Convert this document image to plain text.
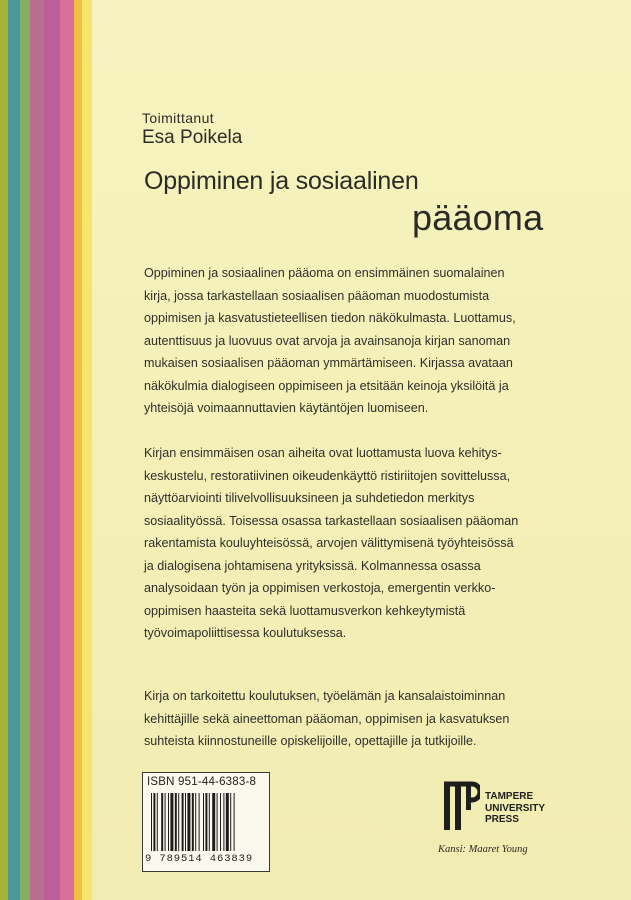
Toimittanut
Esa Poikela
Oppiminen ja sosiaalinen
pääoma
Oppiminen ja sosiaalinen pääoma on ensimmäinen suomalainen kirja, jossa tarkastellaan sosiaalisen pääoman muodostumista oppimisen ja kasvatustieteellisen tiedon näkökulmasta. Luottamus, autenttisuus ja luovuus ovat arvoja ja avainsanoja kirjan sanoman mukaisen sosiaalisen pääoman ymmärtämiseen. Kirjassa avataan näkökulmia dialogiseen oppimiseen ja etsitään keinoja yksilöitä ja yhteisöjä voimaannuttavien käytäntöjen luomiseen.
Kirjan ensimmäisen osan aiheita ovat luottamusta luova kehityskeskustelu, restoratiivinen oikeudenkäyttö ristiriitojen sovittelussa, näyttöarviointi tilivelvollisuuksineen ja suhdetiedon merkitys sosiaalityössä. Toisessa osassa tarkastellaan sosiaalisen pääoman rakentamista kouluyhteisössä, arvojen välittymisenä työyhteisössä ja dialogisena johtamisena yrityksissä. Kolmannessa osassa analysoidaan työn ja oppimisen verkostoja, emergentin verkko-oppimisen haasteita sekä luottamusverkon kehkeytymistä työvoimapoliittisessa koulutuksessa.
Kirja on tarkoitettu koulutuksen, työelämän ja kansalaistoiminnan kehittäjille sekä aineettoman pääoman, oppimisen ja kasvatuksen suhteista kiinnostuneille opiskelijoille, opettajille ja tutkijoille.
ISBN 951-44-6383-8
9 789514 463839
TAMPERE
UNIVERSITY
PRESS
Kansi: Maaret Young
